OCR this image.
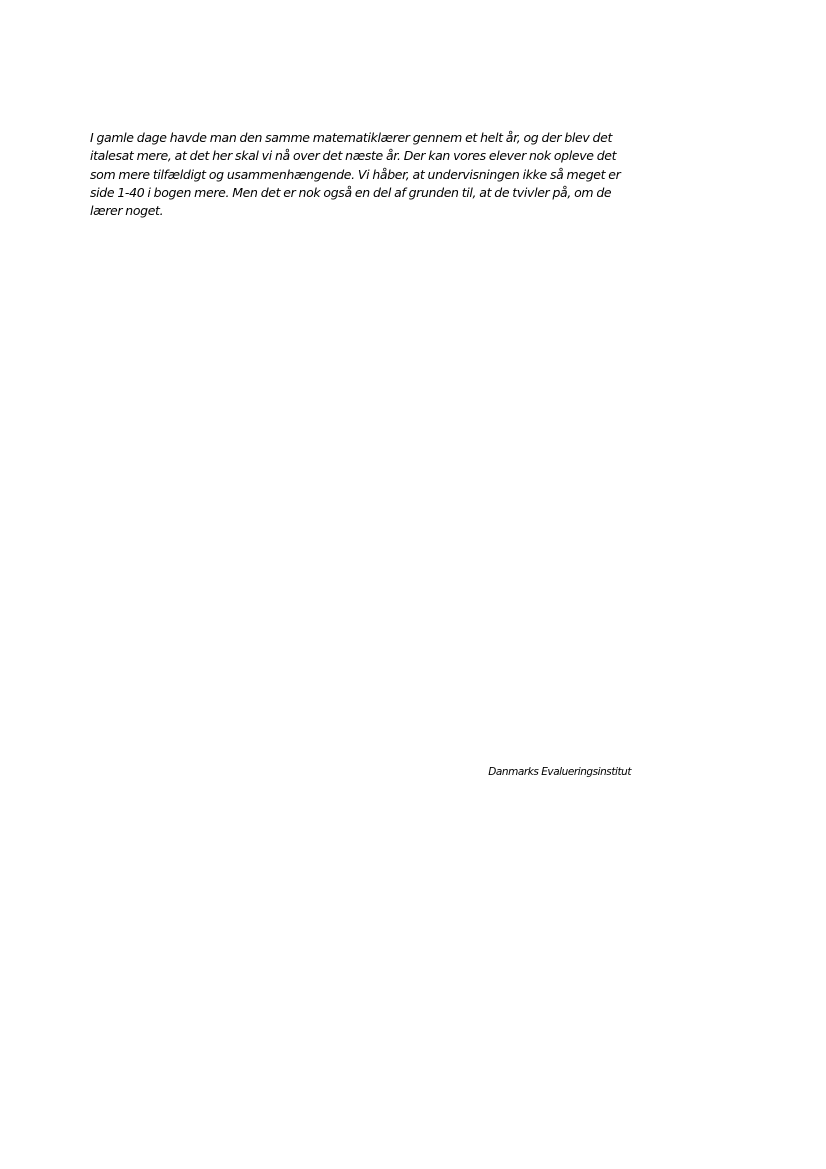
I gamle dage havde man den samme matematiklærer gennem et helt år, og der blev det
italesat mere, at det her skal vi nå over det næste år. Der kan vores elever nok opleve det
som mere tilfældigt og usammenhængende. Vi håber, at undervisningen ikke så meget er
side 1-40 i bogen mere. Men det er nok også en del af grunden til, at de tvivler på, om de
lærer noget.

Danmarks Evalueringsinstitut
